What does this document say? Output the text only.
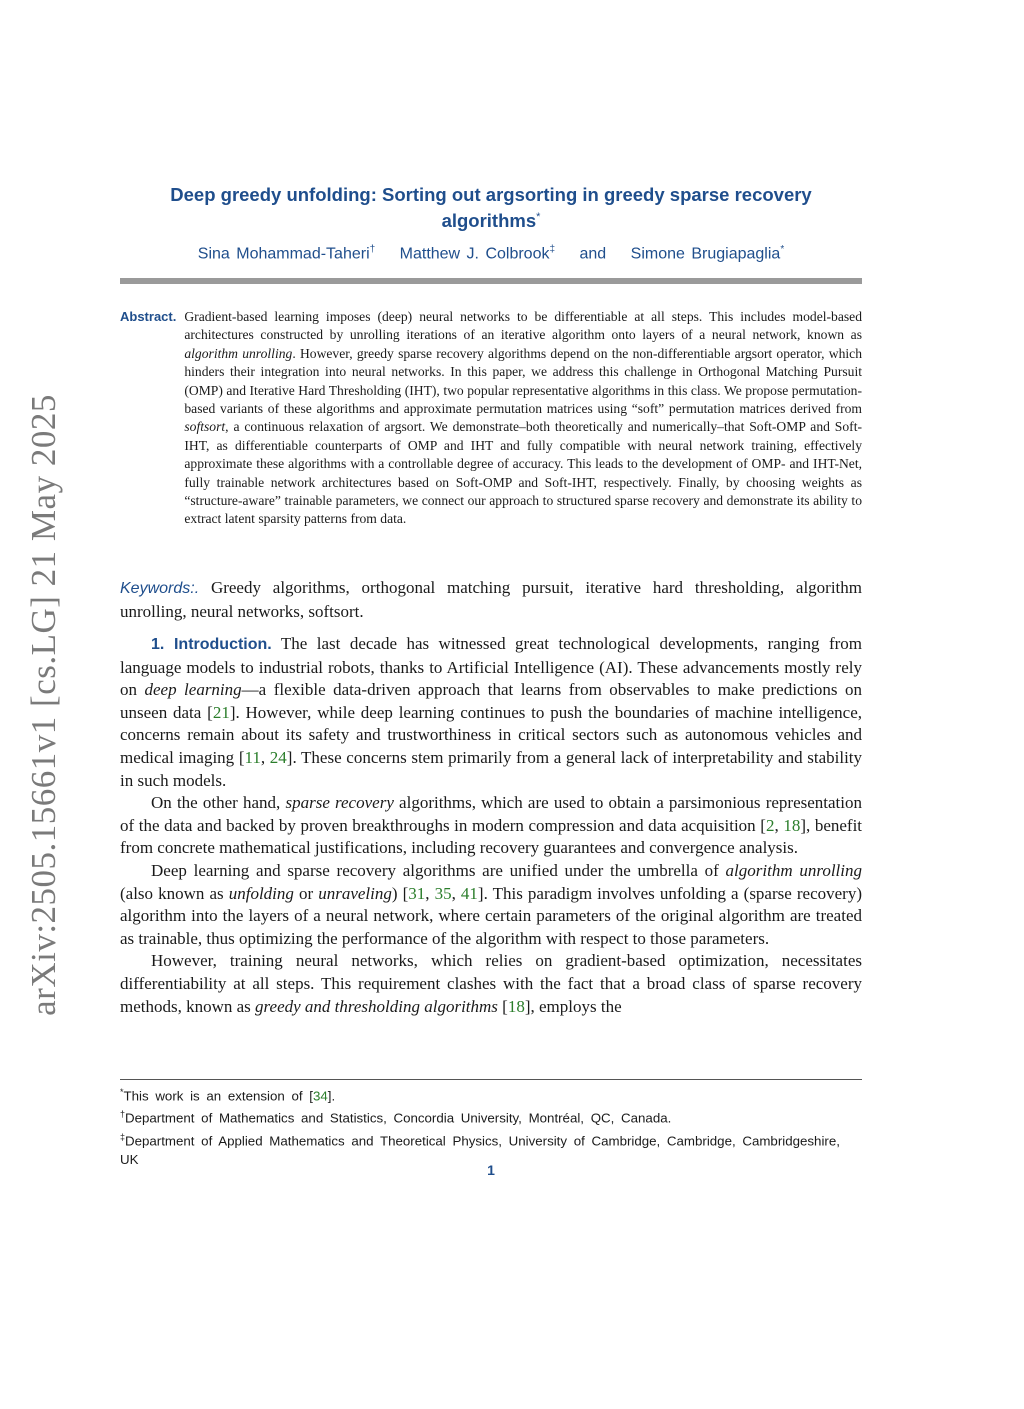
arXiv:2505.15661v1 [cs.LG] 21 May 2025
Deep greedy unfolding: Sorting out argsorting in greedy sparse recovery
algorithms*
Sina Mohammad-Taheri† Matthew J. Colbrook‡ and Simone Brugiapaglia*
Abstract. Gradient-based learning imposes (deep) neural networks to be differentiable at all steps. This includes model-based architectures constructed by unrolling iterations of an iterative algorithm onto layers of a neural network, known as algorithm unrolling. However, greedy sparse recovery algorithms depend on the non-differentiable argsort operator, which hinders their integration into neural networks. In this paper, we address this challenge in Orthogonal Matching Pursuit (OMP) and Iterative Hard Thresholding (IHT), two popular representative algorithms in this class. We propose permutation-based variants of these algorithms and approximate permutation matrices using “soft” permutation matrices derived from softsort, a continuous relaxation of argsort. We demonstrate–both theoretically and numerically–that Soft-OMP and Soft-IHT, as differentiable counterparts of OMP and IHT and fully compatible with neural network training, effectively approximate these algorithms with a controllable degree of accuracy. This leads to the development of OMP- and IHT-Net, fully trainable network architectures based on Soft-OMP and Soft-IHT, respectively. Finally, by choosing weights as “structure-aware” trainable parameters, we connect our approach to structured sparse recovery and demonstrate its ability to extract latent sparsity patterns from data.

Keywords:. Greedy algorithms, orthogonal matching pursuit, iterative hard thresholding, algorithm unrolling, neural networks, softsort.

1. Introduction. The last decade has witnessed great technological developments, ranging from language models to industrial robots, thanks to Artificial Intelligence (AI). These advancements mostly rely on deep learning—a flexible data-driven approach that learns from observables to make predictions on unseen data [21]. However, while deep learning continues to push the boundaries of machine intelligence, concerns remain about its safety and trustworthiness in critical sectors such as autonomous vehicles and medical imaging [11, 24]. These concerns stem primarily from a general lack of interpretability and stability in such models.

On the other hand, sparse recovery algorithms, which are used to obtain a parsimonious representation of the data and backed by proven breakthroughs in modern compression and data acquisition [2, 18], benefit from concrete mathematical justifications, including recovery guarantees and convergence analysis.

Deep learning and sparse recovery algorithms are unified under the umbrella of algorithm unrolling (also known as unfolding or unraveling) [31, 35, 41]. This paradigm involves unfolding a (sparse recovery) algorithm into the layers of a neural network, where certain parameters of the original algorithm are treated as trainable, thus optimizing the performance of the algorithm with respect to those parameters.

However, training neural networks, which relies on gradient-based optimization, necessitates differentiability at all steps. This requirement clashes with the fact that a broad class of sparse recovery methods, known as greedy and thresholding algorithms [18], employs the

*This work is an extension of [34].
†Department of Mathematics and Statistics, Concordia University, Montréal, QC, Canada.
‡Department of Applied Mathematics and Theoretical Physics, University of Cambridge, Cambridge, Cambridgeshire, UK
1
